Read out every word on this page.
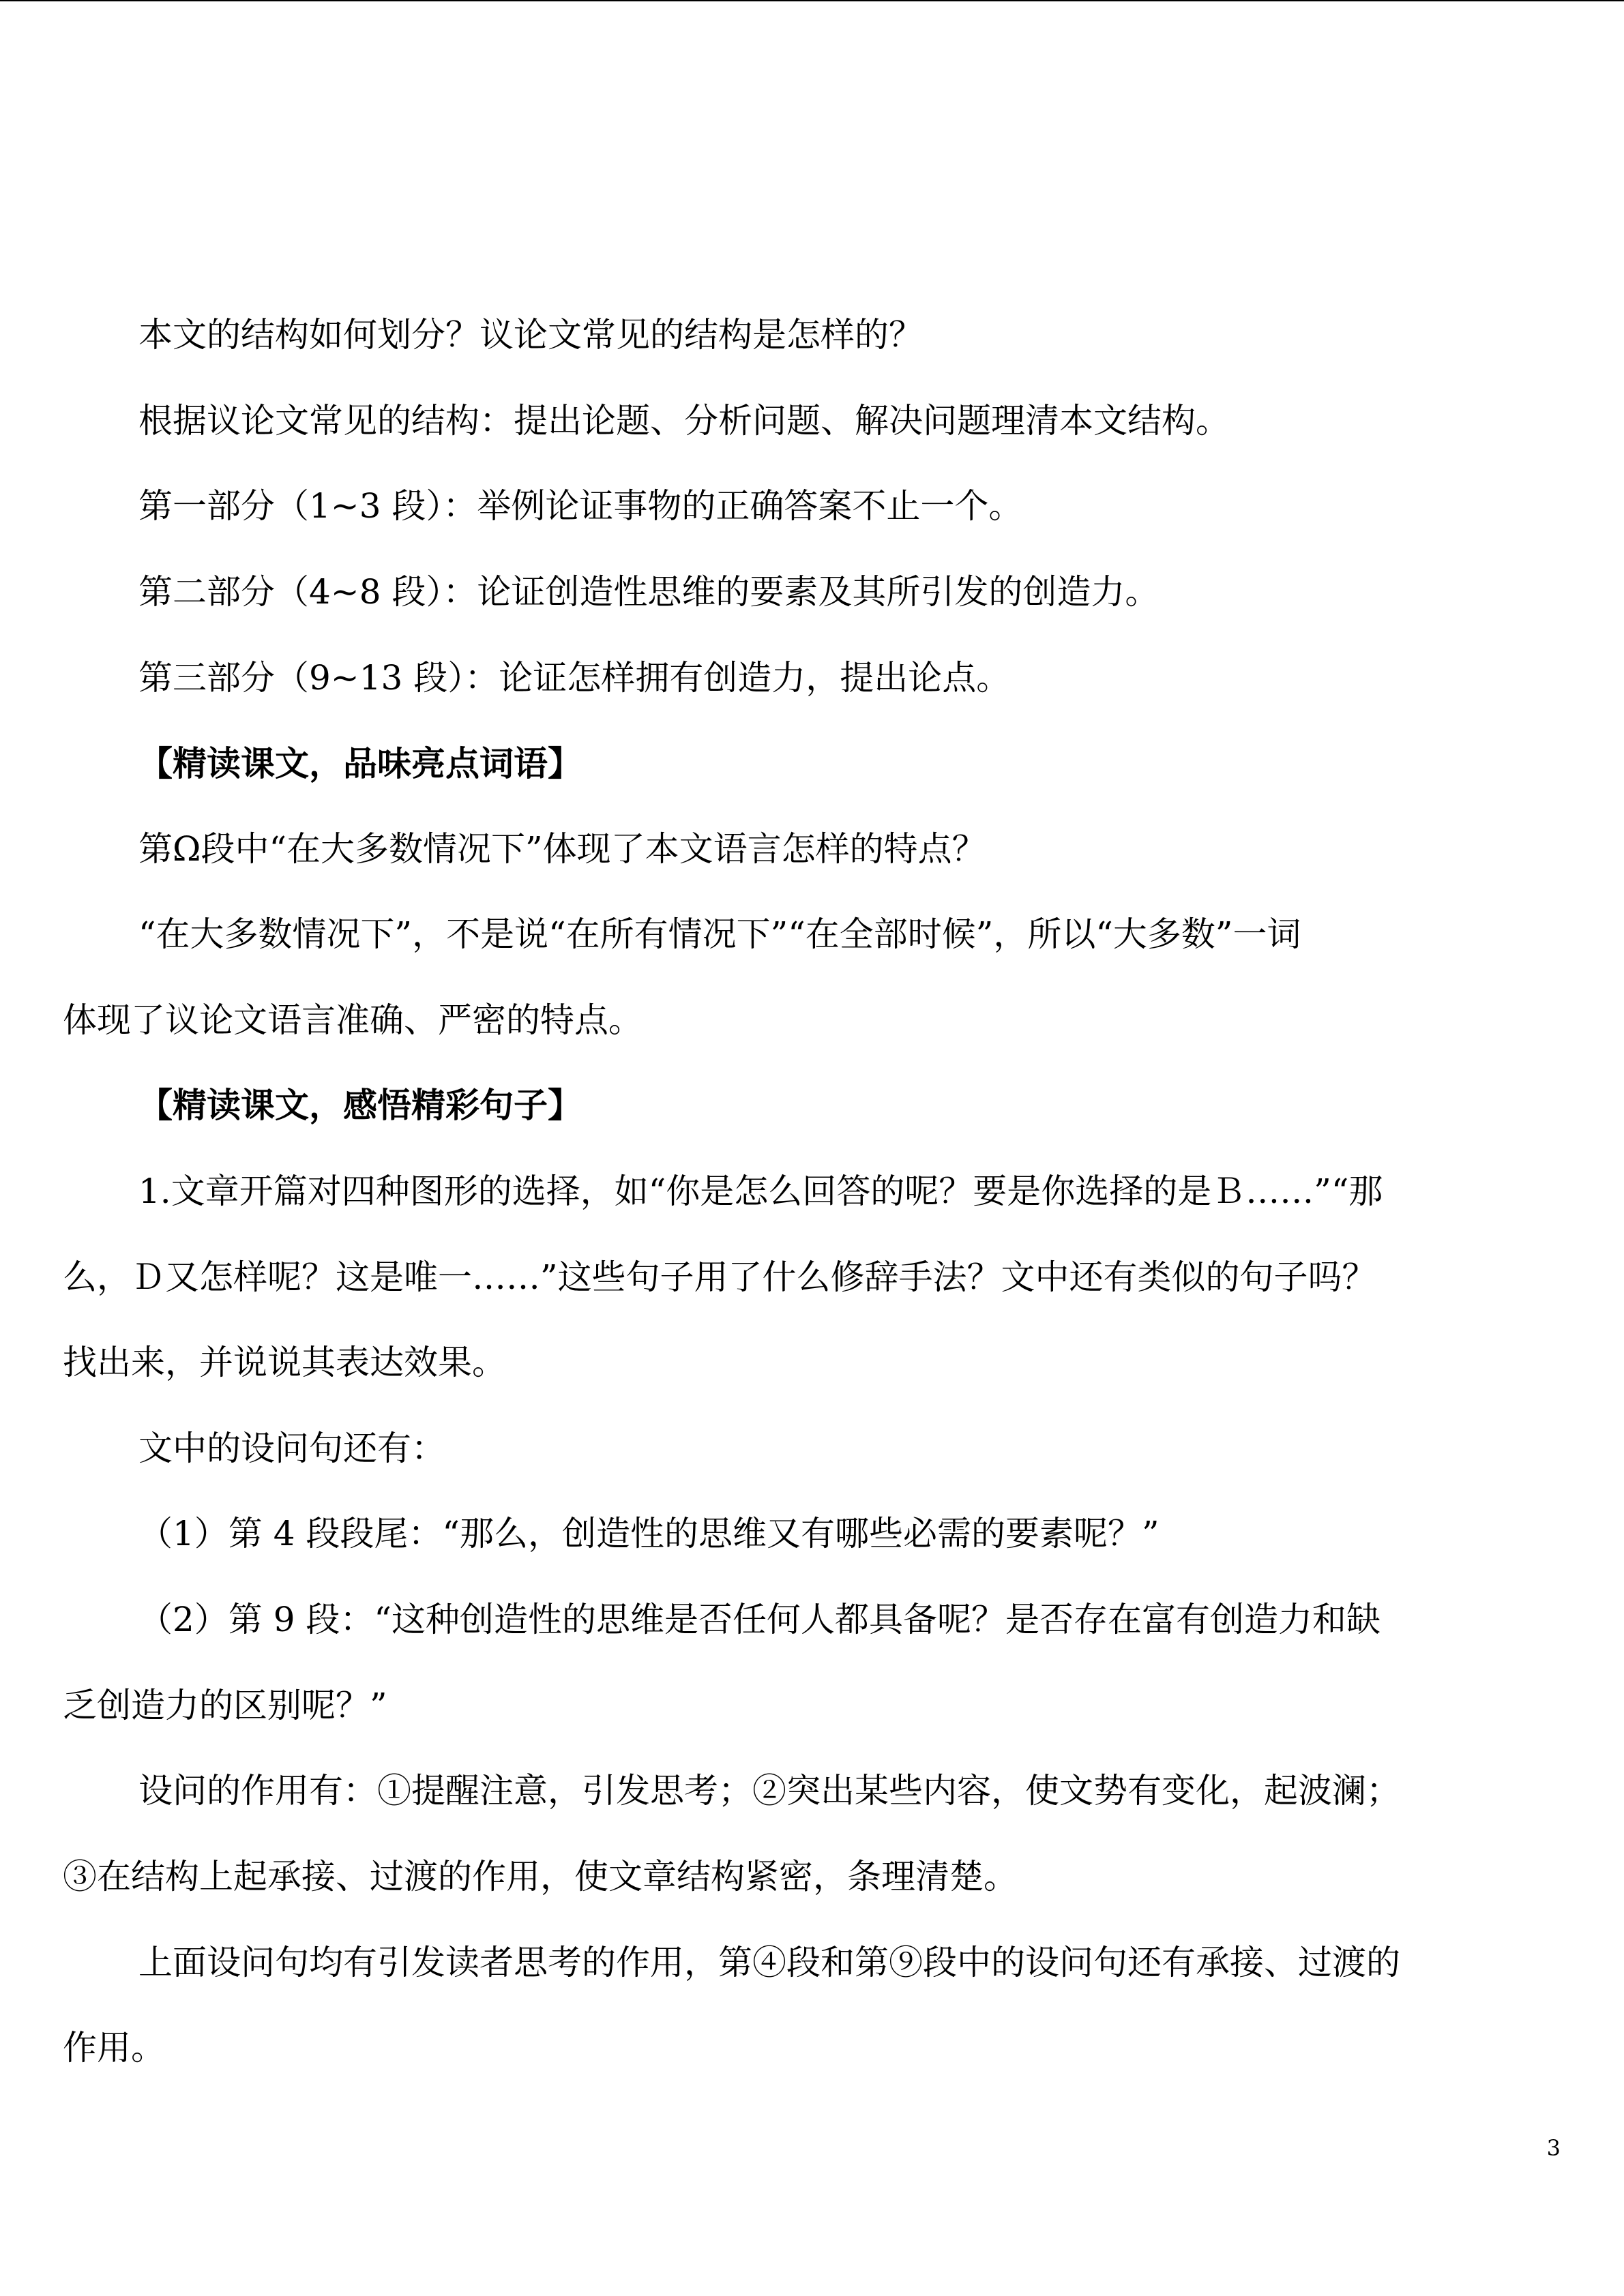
本文的结构如何划分？议论文常见的结构是怎样的？
根据议论文常见的结构：提出论题、分析问题、解决问题理清本文结构。
第一部分（1~3 段）：举例论证事物的正确答案不止一个。
第二部分（4~8 段）：论证创造性思维的要素及其所引发的创造力。
第三部分（9~13 段）：论证怎样拥有创造力，提出论点。
【精读课文，品味亮点词语】
第Ω段中“在大多数情况下”体现了本文语言怎样的特点？
“在大多数情况下”，不是说“在所有情况下”“在全部时候”，所以“大多数”一词
体现了议论文语言准确、严密的特点。
【精读课文，感悟精彩句子】
1.文章开篇对四种图形的选择，如“你是怎么回答的呢？要是你选择的是Ｂ……”“那
么，Ｄ又怎样呢？这是唯一……”这些句子用了什么修辞手法？文中还有类似的句子吗？
找出来，并说说其表达效果。
文中的设问句还有：
（1）第 4 段段尾：“那么，创造性的思维又有哪些必需的要素呢？”
（2）第 9 段：“这种创造性的思维是否任何人都具备呢？是否存在富有创造力和缺
乏创造力的区别呢？”
设问的作用有：①提醒注意，引发思考；②突出某些内容，使文势有变化，起波澜；
③在结构上起承接、过渡的作用，使文章结构紧密，条理清楚。
上面设问句均有引发读者思考的作用，第④段和第⑨段中的设问句还有承接、过渡的
作用。
3
